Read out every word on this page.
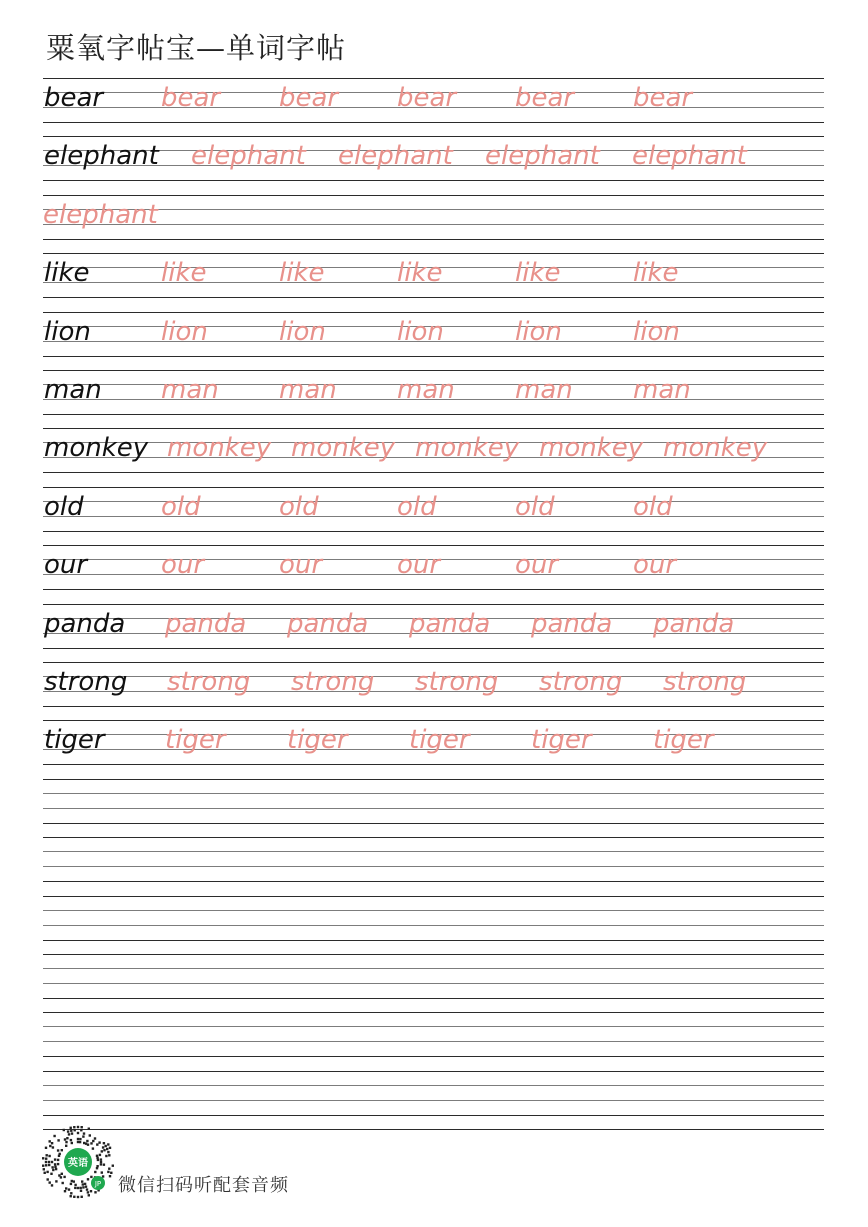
粟氧字帖宝—单词字帖
bear bear bear bear bear bear
elephant elephant elephant elephant elephant
elephant
like	like	like	like	like	like
lion	lion	lion	lion	lion	lion
man man man man man man
monkey monkey monkey monkey monkey monkey
old	old	old	old	old	old
our	our	our	our	our	our
panda panda panda panda panda panda
strong strong strong strong strong strong
tiger tiger tiger tiger tiger tiger
英语
JP 微信扫码听配套音频
